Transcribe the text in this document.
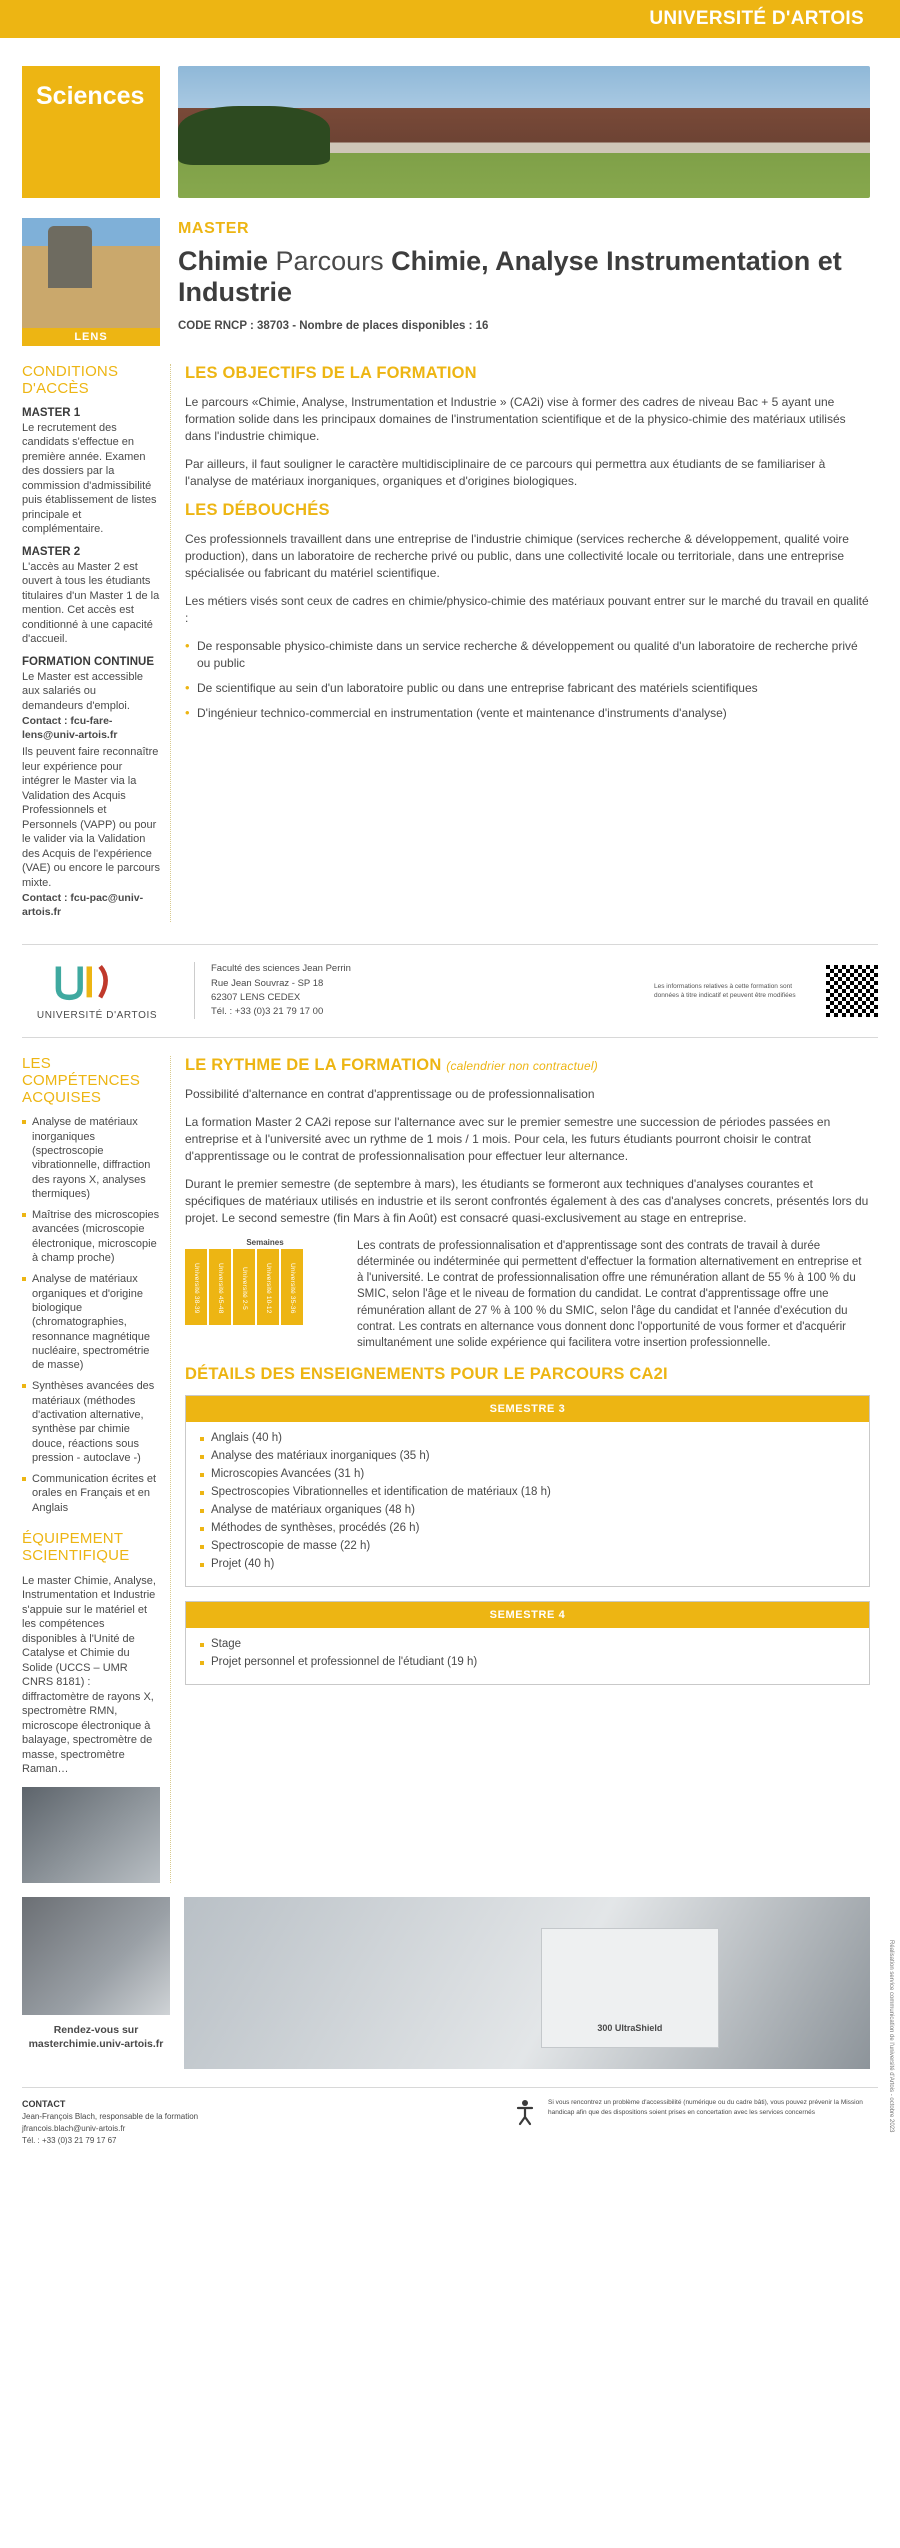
UNIVERSITÉ D'ARTOIS
Sciences
LENS
MASTER
Chimie Parcours Chimie, Analyse Instrumentation et Industrie
CODE RNCP : 38703 - Nombre de places disponibles : 16
CONDITIONS D'ACCÈS
MASTER 1

Le recrutement des candidats s'effectue en première année. Examen des dossiers par la commission d'admissibilité puis établissement de listes principale et complémentaire.

MASTER 2

L'accès au Master 2 est ouvert à tous les étudiants titulaires d'un Master 1 de la mention. Cet accès est conditionné à une capacité d'accueil.

FORMATION CONTINUE

Le Master est accessible aux salariés ou demandeurs d'emploi.

Contact : fcu-fare-lens@univ-artois.fr

Ils peuvent faire reconnaître leur expérience pour intégrer le Master via la Validation des Acquis Professionnels et Personnels (VAPP) ou pour le valider via la Validation des Acquis de l'expérience (VAE) ou encore le parcours mixte.

Contact : fcu-pac@univ-artois.fr

LES OBJECTIFS DE LA FORMATION

Le parcours «Chimie, Analyse, Instrumentation et Industrie » (CA2i) vise à former des cadres de niveau Bac + 5 ayant une formation solide dans les principaux domaines de l'instrumentation scientifique et de la physico-chimie des matériaux utilisés dans l'industrie chimique.

Par ailleurs, il faut souligner le caractère multidisciplinaire de ce parcours qui permettra aux étudiants de se familiariser à l'analyse de matériaux inorganiques, organiques et d'origines biologiques.

LES DÉBOUCHÉS

Ces professionnels travaillent dans une entreprise de l'industrie chimique (services recherche & développement, qualité voire production), dans un laboratoire de recherche privé ou public, dans une collectivité locale ou territoriale, dans une entreprise spécialisée ou fabricant du matériel scientifique.

Les métiers visés sont ceux de cadres en chimie/physico-chimie des matériaux pouvant entrer sur le marché du travail en qualité :

• De responsable physico-chimiste dans un service recherche & développement ou qualité d'un laboratoire de recherche privé ou public
• De scientifique au sein d'un laboratoire public ou dans une entreprise fabricant des matériels scientifiques
• D'ingénieur technico-commercial en instrumentation (vente et maintenance d'instruments d'analyse)
UNIVERSITÉ D'ARTOIS
Faculté des sciences Jean Perrin
Rue Jean Souvraz - SP 18
62307 LENS CEDEX
Tél. : +33 (0)3 21 79 17 00
Les informations relatives à cette formation sont données à titre indicatif et peuvent être modifiées
LES COMPÉTENCES ACQUISES
Analyse de matériaux inorganiques (spectroscopie vibrationnelle, diffraction des rayons X, analyses thermiques)
Maîtrise des microscopies avancées (microscopie électronique, microscopie à champ proche)
Analyse de matériaux organiques et d'origine biologique (chromatographies, resonnance magnétique nucléaire, spectrométrie de masse)
Synthèses avancées des matériaux (méthodes d'activation alternative, synthèse par chimie douce, réactions sous pression - autoclave -)
Communication écrites et orales en Français et en Anglais
ÉQUIPEMENT SCIENTIFIQUE

Le master Chimie, Analyse, Instrumentation et Industrie s'appuie sur le matériel et les compétences disponibles à l'Unité de Catalyse et Chimie du Solide (UCCS – UMR CNRS 8181) : diffractomètre de rayons X, spectromètre RMN, microscope électronique à balayage, spectromètre de masse, spectromètre Raman…

LE RYTHME DE LA FORMATION (calendrier non contractuel)

Possibilité d'alternance en contrat d'apprentissage ou de professionnalisation

La formation Master 2 CA2i repose sur l'alternance avec sur le premier semestre une succession de périodes passées en entreprise et à l'université avec un rythme de 1 mois / 1 mois. Pour cela, les futurs étudiants pourront choisir le contrat d'apprentissage ou le contrat de professionnalisation pour effectuer leur alternance.

Durant le premier semestre (de septembre à mars), les étudiants se formeront aux techniques d'analyses courantes et spécifiques de matériaux utilisés en industrie et ils seront confrontés également à des cas d'analyses concrets, présentés lors du projet. Le second semestre (fin Mars à fin Août) est consacré quasi-exclusivement au stage en entreprise.

Semaines
Université 38-39	Université 45-48	Université 2-5	Université 10-12	Université 35-36
Les contrats de professionnalisation et d'apprentissage sont des contrats de travail à durée déterminée ou indéterminée qui permettent d'effectuer la formation alternativement en entreprise et à l'université. Le contrat de professionnalisation offre une rémunération allant de 55 % à 100 % du SMIC, selon l'âge et le niveau de formation du candidat. Le contrat d'apprentissage offre une rémunération allant de 27 % à 100 % du SMIC, selon l'âge du candidat et l'année d'exécution du contrat. Les contrats en alternance vous donnent donc l'opportunité de vous former et d'acquérir simultanément une solide expérience qui facilitera votre insertion professionnelle.
DÉTAILS DES ENSEIGNEMENTS POUR LE PARCOURS CA2I
SEMESTRE 3
Anglais (40 h)
Analyse des matériaux inorganiques (35 h)
Microscopies Avancées (31 h)
Spectroscopies Vibrationnelles et identification de matériaux (18 h)
Analyse de matériaux organiques (48 h)
Méthodes de synthèses, procédés (26 h)
Spectroscopie de masse (22 h)
Projet (40 h)
SEMESTRE 4
Stage
Projet personnel et professionnel de l'étudiant (19 h)
Rendez-vous sur
masterchimie.univ-artois.fr
300 UltraShield
CONTACT
Jean-François Blach, responsable de la formation
jfrancois.blach@univ-artois.fr
Tél. : +33 (0)3 21 79 17 67
Si vous rencontrez un problème d'accessibilité (numérique ou du cadre bâti), vous pouvez prévenir la Mission handicap afin que des dispositions soient prises en concertation avec les services concernés	Réalisation service communication de l'université d'Artois - octobre 2023
